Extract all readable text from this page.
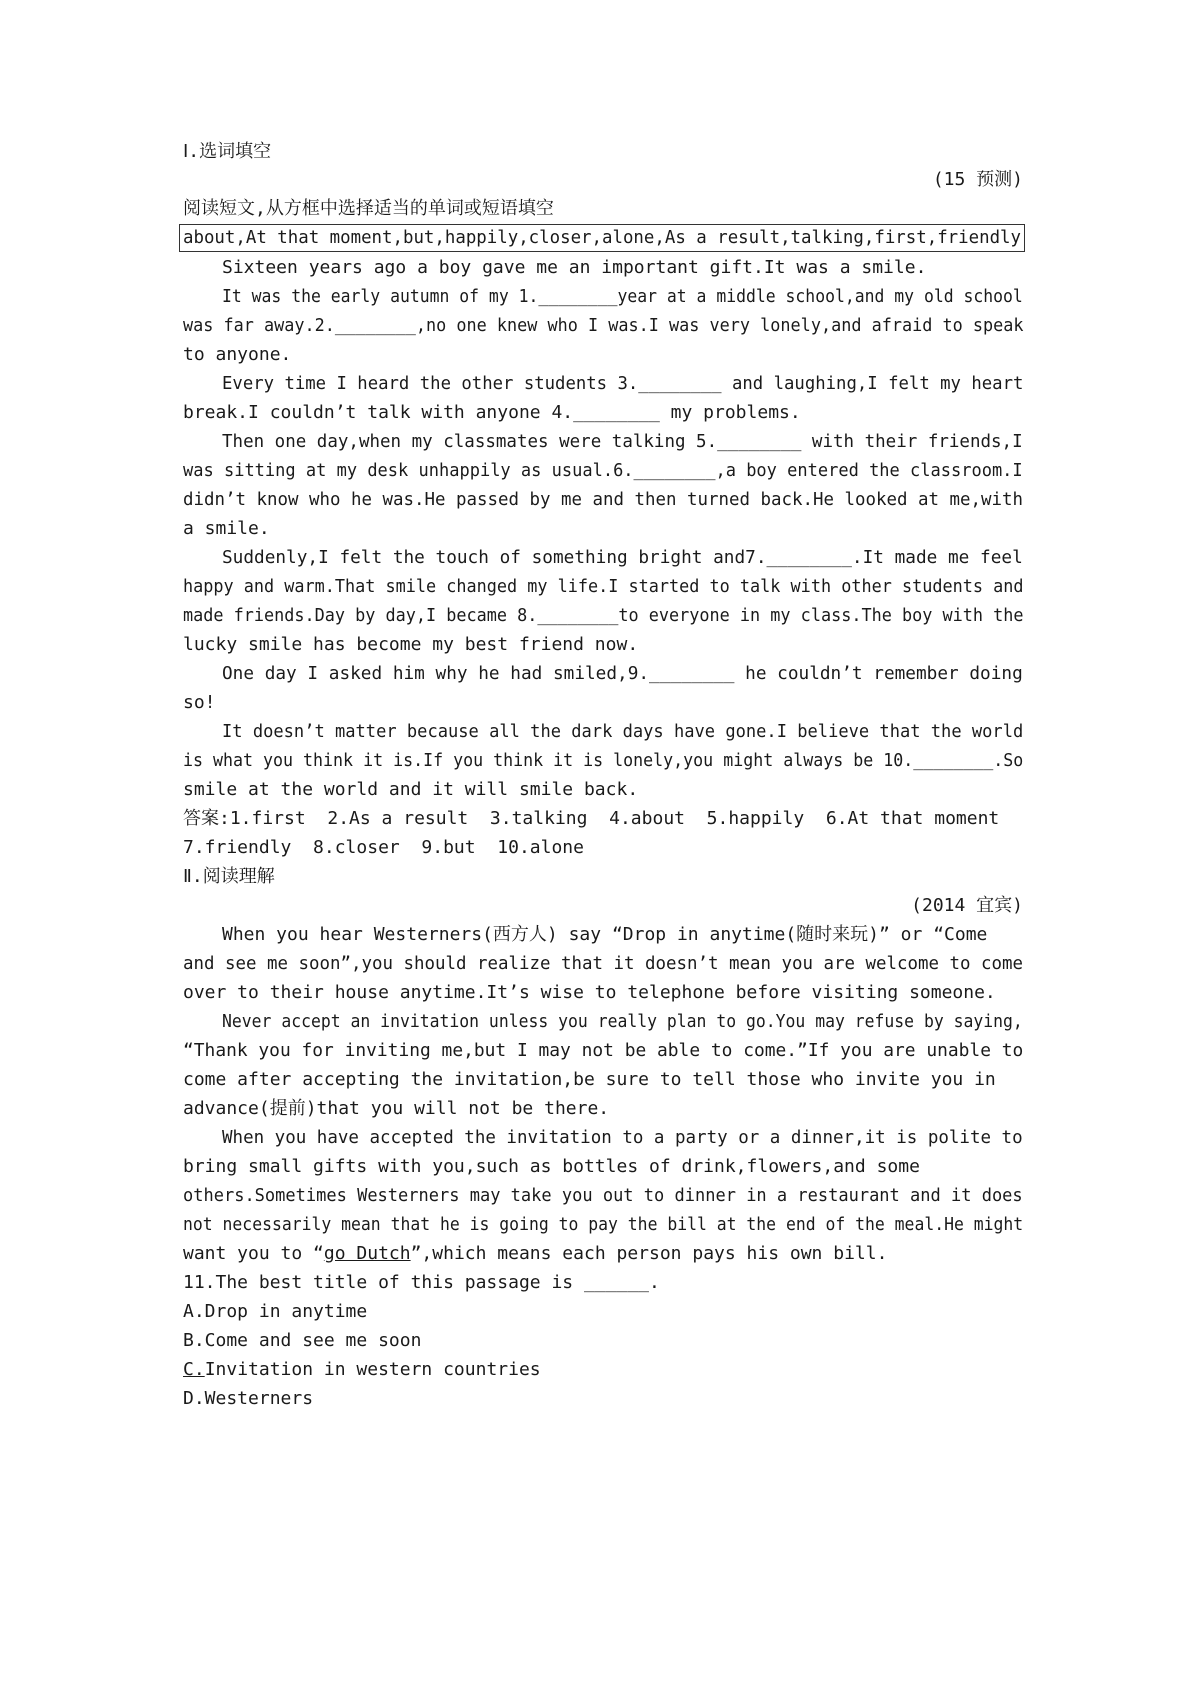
Ⅰ.选词填空
(15 预测)
阅读短文,从方框中选择适当的单词或短语填空
about,At that moment,but,happily,closer,alone,As a result,talking,first,friendly
Sixteen years ago a boy gave me an important gift.It was a smile.
It was the early autumn of my 1.________year at a middle school,and my old school
was far away.2.________,no one knew who I was.I was very lonely,and afraid to speak
to anyone.
Every time I heard the other students 3.________ and laughing,I felt my heart
break.I couldn’t talk with anyone 4.________ my problems.
Then one day,when my classmates were talking 5.________ with their friends,I
was sitting at my desk unhappily as usual.6.________,a boy entered the classroom.I
didn’t know who he was.He passed by me and then turned back.He looked at me,with
a smile.
Suddenly,I felt the touch of something bright and7.________.It made me feel
happy and warm.That smile changed my life.I started to talk with other students and
made friends.Day by day,I became 8.________to everyone in my class.The boy with the
lucky smile has become my best friend now.
One day I asked him why he had smiled,9.________ he couldn’t remember doing
so!
It doesn’t matter because all the dark days have gone.I believe that the world
is what you think it is.If you think it is lonely,you might always be 10.________.So
smile at the world and it will smile back.
答案:1.first  2.As a result  3.talking  4.about  5.happily  6.At that moment
7.friendly  8.closer  9.but  10.alone
Ⅱ.阅读理解
(2014 宜宾)
When you hear Westerners(西方人) say “Drop in anytime(随时来玩)” or “Come
and see me soon”,you should realize that it doesn’t mean you are welcome to come
over to their house anytime.It’s wise to telephone before visiting someone.
Never accept an invitation unless you really plan to go.You may refuse by saying,
“Thank you for inviting me,but I may not be able to come.”If you are unable to
come after accepting the invitation,be sure to tell those who invite you in
advance(提前)that you will not be there.
When you have accepted the invitation to a party or a dinner,it is polite to
bring small gifts with you,such as bottles of drink,flowers,and some
others.Sometimes Westerners may take you out to dinner in a restaurant and it does
not necessarily mean that he is going to pay the bill at the end of the meal.He might
want you to “go Dutch”,which means each person pays his own bill.
11.The best title of this passage is ______.
A.Drop in anytime
B.Come and see me soon
C.Invitation in western countries
D.Westerners
